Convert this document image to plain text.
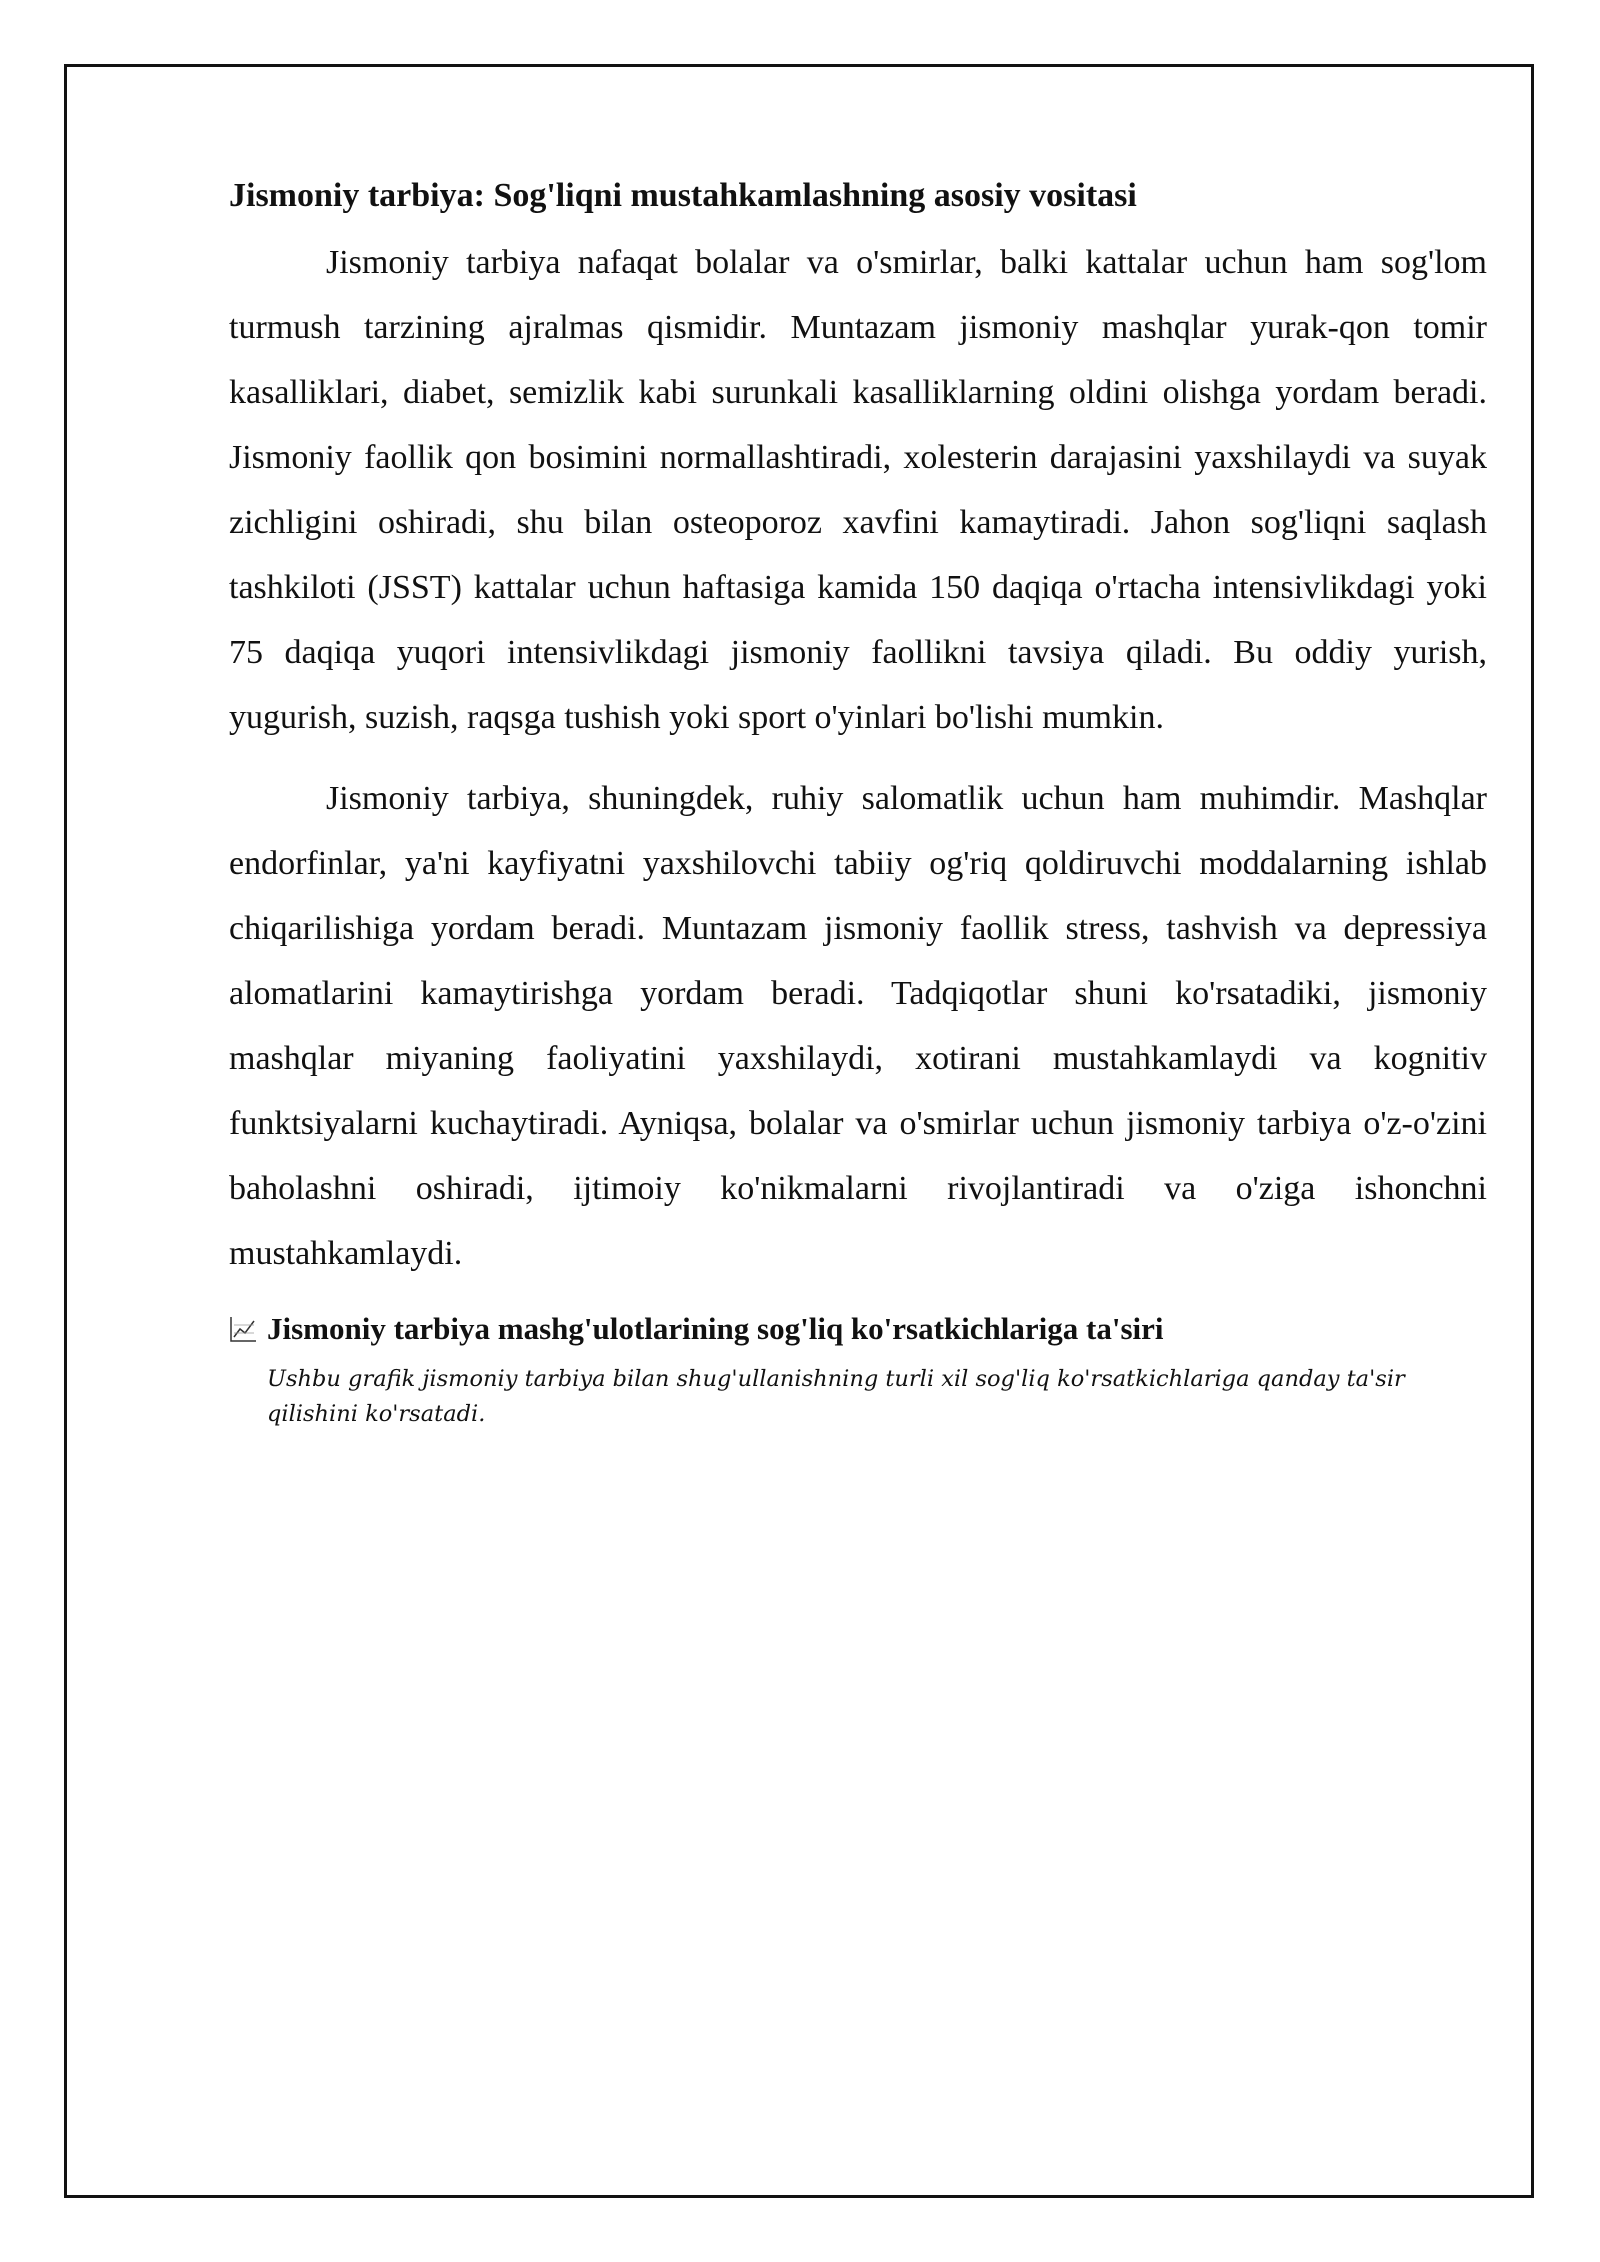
Jismoniy tarbiya: Sog'liqni mustahkamlashning asosiy vositasi

Jismoniy tarbiya nafaqat bolalar va o'smirlar, balki kattalar uchun ham sog'lom turmush tarzining ajralmas qismidir. Muntazam jismoniy mashqlar yurak-qon tomir kasalliklari, diabet, semizlik kabi surunkali kasalliklarning oldini olishga yordam beradi. Jismoniy faollik qon bosimini normallashtiradi, xolesterin darajasini yaxshilaydi va suyak zichligini oshiradi, shu bilan osteoporoz xavfini kamaytiradi. Jahon sog'liqni saqlash tashkiloti (JSST) kattalar uchun haftasiga kamida 150 daqiqa o'rtacha intensivlikdagi yoki 75 daqiqa yuqori intensivlikdagi jismoniy faollikni tavsiya qiladi. Bu oddiy yurish, yugurish, suzish, raqsga tushish yoki sport o'yinlari bo'lishi mumkin.

Jismoniy tarbiya, shuningdek, ruhiy salomatlik uchun ham muhimdir. Mashqlar endorfinlar, ya'ni kayfiyatni yaxshilovchi tabiiy og'riq qoldiruvchi moddalarning ishlab chiqarilishiga yordam beradi. Muntazam jismoniy faollik stress, tashvish va depressiya alomatlarini kamaytirishga yordam beradi. Tadqiqotlar shuni ko'rsatadiki, jismoniy mashqlar miyaning faoliyatini yaxshilaydi, xotirani mustahkamlaydi va kognitiv funktsiyalarni kuchaytiradi. Ayniqsa, bolalar va o'smirlar uchun jismoniy tarbiya o'z-o'zini baholashni oshiradi, ijtimoiy ko'nikmalarni rivojlantiradi va o'ziga ishonchni mustahkamlaydi.

Jismoniy tarbiya mashg'ulotlarining sog'liq ko'rsatkichlariga ta'siri

Ushbu grafik jismoniy tarbiya bilan shug'ullanishning turli xil sog'liq ko'rsatkichlariga qanday ta'sir qilishini ko'rsatadi.
